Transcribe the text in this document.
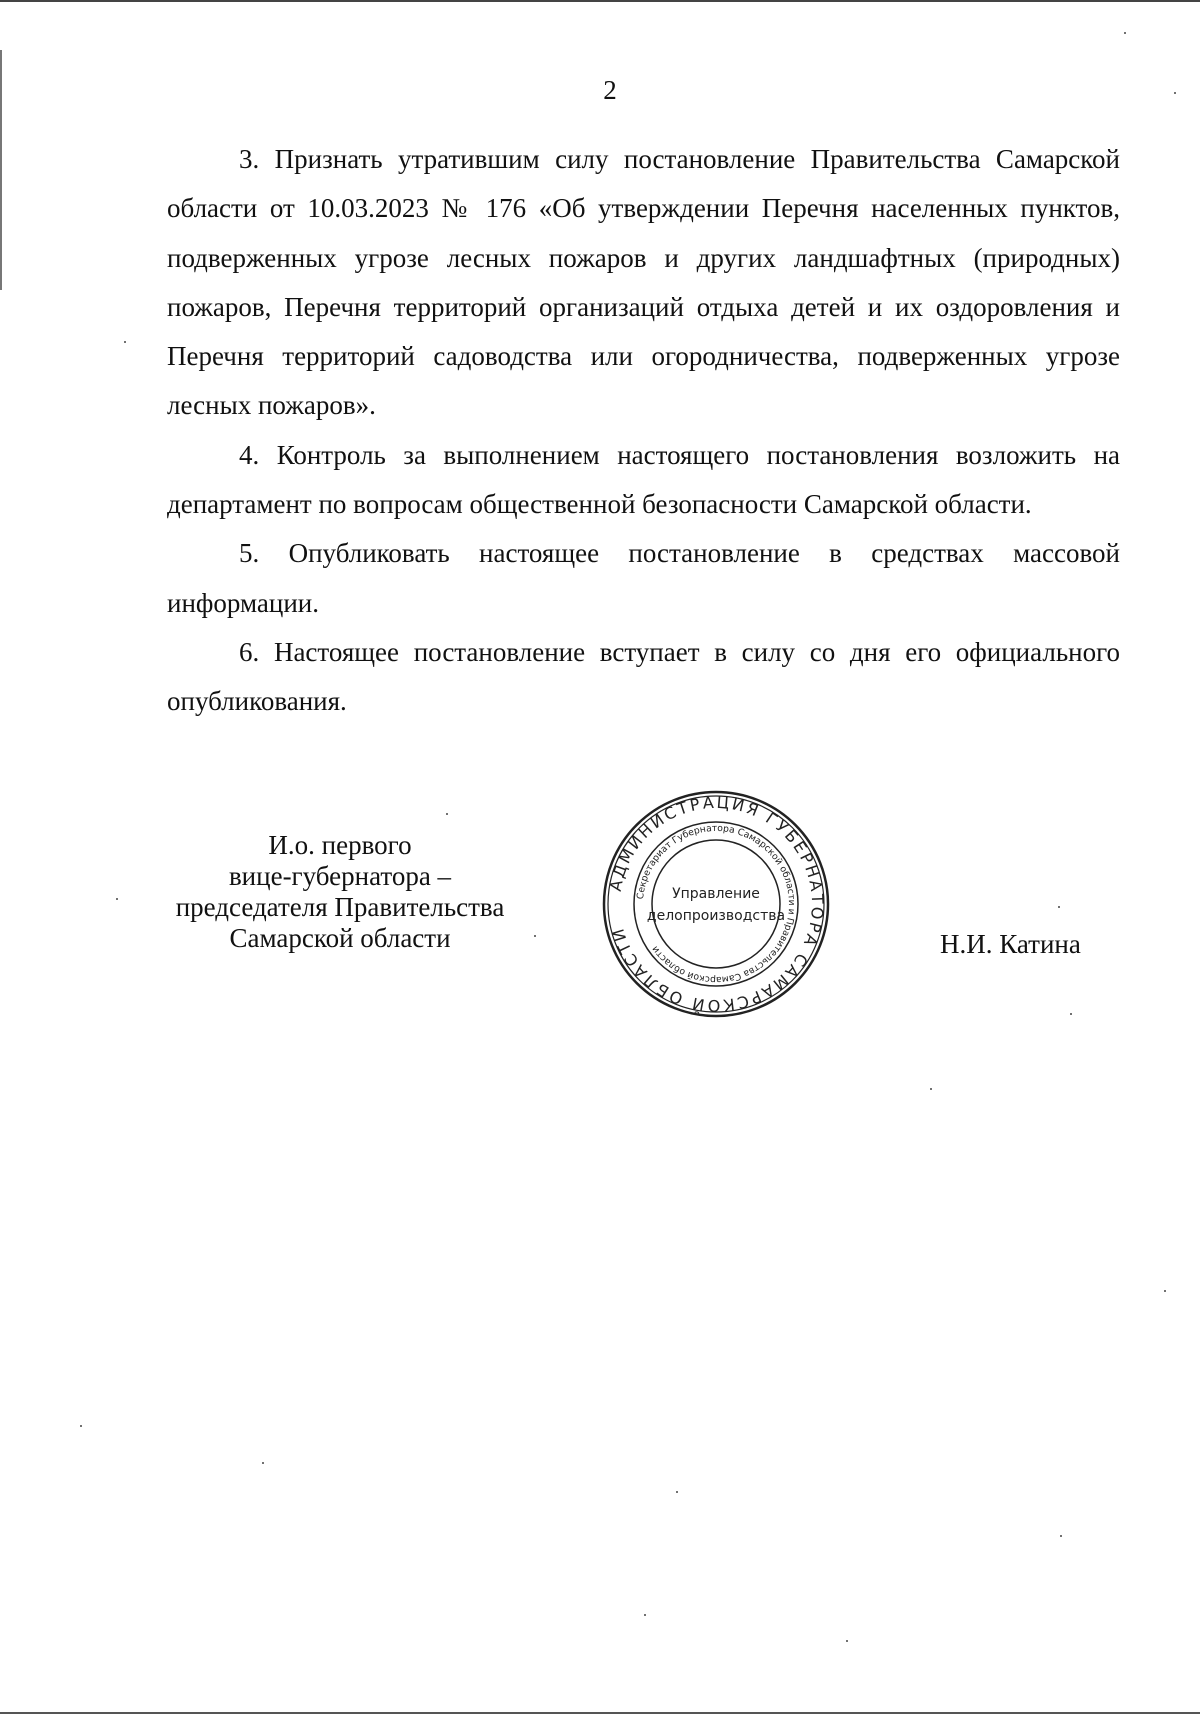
2

3. Признать утратившим силу постановление Правительства Самарской области от 10.03.2023 № 176 «Об утверждении Перечня населенных пунктов, подверженных угрозе лесных пожаров и других ландшафтных (природных) пожаров, Перечня территорий организаций отдыха детей и их оздоровления и Перечня территорий садоводства или огородничества, подверженных угрозе лесных пожаров».

4. Контроль за выполнением настоящего постановления возложить на департамент по вопросам общественной безопасности Самарской области.

5. Опубликовать настоящее постановление в средствах массовой информации.

6. Настоящее постановление вступает в силу со дня его официального опубликования.

И.о. первого
вице-губернатора –
председателя Правительства
Самарской области
АДМИНИСТРАЦИЯ ГУБЕРНАТОРА САМАРСКОЙ ОБЛАСТИ
Секретариат Губернатора Самарской области и Правительства Самарской области
Управление
делопроизводства
Н.И. Катина
